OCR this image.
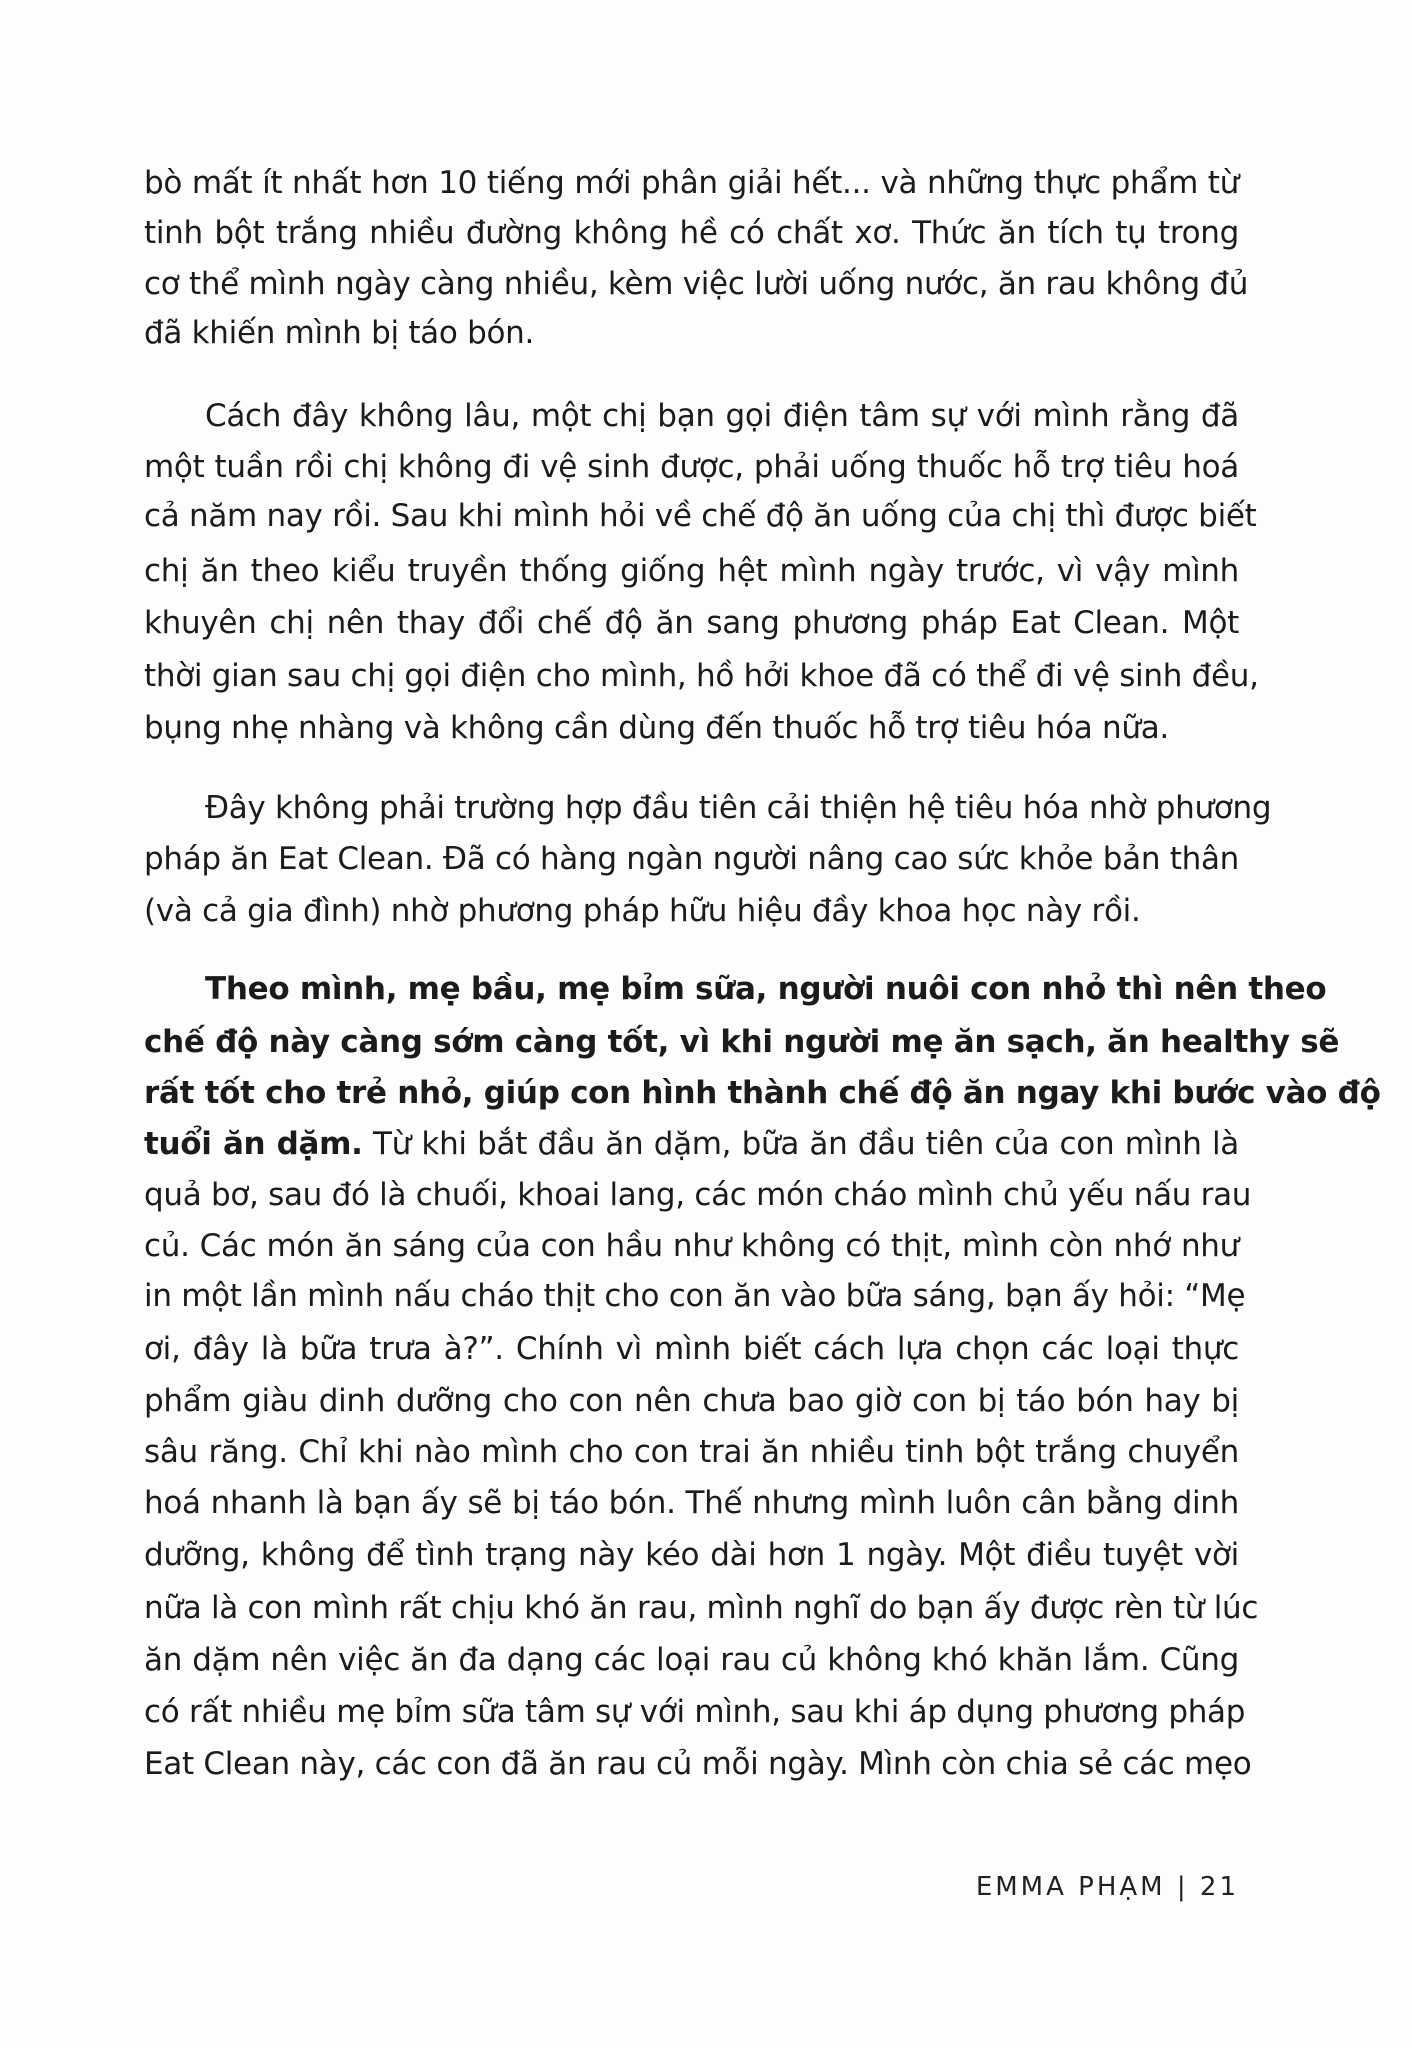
bò mất ít nhất hơn 10 tiếng mới phân giải hết... và những thực phẩm từ
tinh bột trắng nhiều đường không hề có chất xơ. Thức ăn tích tụ trong
cơ thể mình ngày càng nhiều, kèm việc lười uống nước, ăn rau không đủ
đã khiến mình bị táo bón.
Cách đây không lâu, một chị bạn gọi điện tâm sự với mình rằng đã
một tuần rồi chị không đi vệ sinh được, phải uống thuốc hỗ trợ tiêu hoá
cả năm nay rồi. Sau khi mình hỏi về chế độ ăn uống của chị thì được biết
chị ăn theo kiểu truyền thống giống hệt mình ngày trước, vì vậy mình
khuyên chị nên thay đổi chế độ ăn sang phương pháp Eat Clean. Một
thời gian sau chị gọi điện cho mình, hồ hởi khoe đã có thể đi vệ sinh đều,
bụng nhẹ nhàng và không cần dùng đến thuốc hỗ trợ tiêu hóa nữa.
Đây không phải trường hợp đầu tiên cải thiện hệ tiêu hóa nhờ phương
pháp ăn Eat Clean. Đã có hàng ngàn người nâng cao sức khỏe bản thân
(và cả gia đình) nhờ phương pháp hữu hiệu đầy khoa học này rồi.
Theo mình, mẹ bầu, mẹ bỉm sữa, người nuôi con nhỏ thì nên theo
chế độ này càng sớm càng tốt, vì khi người mẹ ăn sạch, ăn healthy sẽ
rất tốt cho trẻ nhỏ, giúp con hình thành chế độ ăn ngay khi bước vào độ
tuổi ăn dặm. Từ khi bắt đầu ăn dặm, bữa ăn đầu tiên của con mình là
quả bơ, sau đó là chuối, khoai lang, các món cháo mình chủ yếu nấu rau
củ. Các món ăn sáng của con hầu như không có thịt, mình còn nhớ như
in một lần mình nấu cháo thịt cho con ăn vào bữa sáng, bạn ấy hỏi: “Mẹ
ơi, đây là bữa trưa à?”. Chính vì mình biết cách lựa chọn các loại thực
phẩm giàu dinh dưỡng cho con nên chưa bao giờ con bị táo bón hay bị
sâu răng. Chỉ khi nào mình cho con trai ăn nhiều tinh bột trắng chuyển
hoá nhanh là bạn ấy sẽ bị táo bón. Thế nhưng mình luôn cân bằng dinh
dưỡng, không để tình trạng này kéo dài hơn 1 ngày. Một điều tuyệt vời
nữa là con mình rất chịu khó ăn rau, mình nghĩ do bạn ấy được rèn từ lúc
ăn dặm nên việc ăn đa dạng các loại rau củ không khó khăn lắm. Cũng
có rất nhiều mẹ bỉm sữa tâm sự với mình, sau khi áp dụng phương pháp
Eat Clean này, các con đã ăn rau củ mỗi ngày. Mình còn chia sẻ các mẹo
EMMA PHẠM | 21
